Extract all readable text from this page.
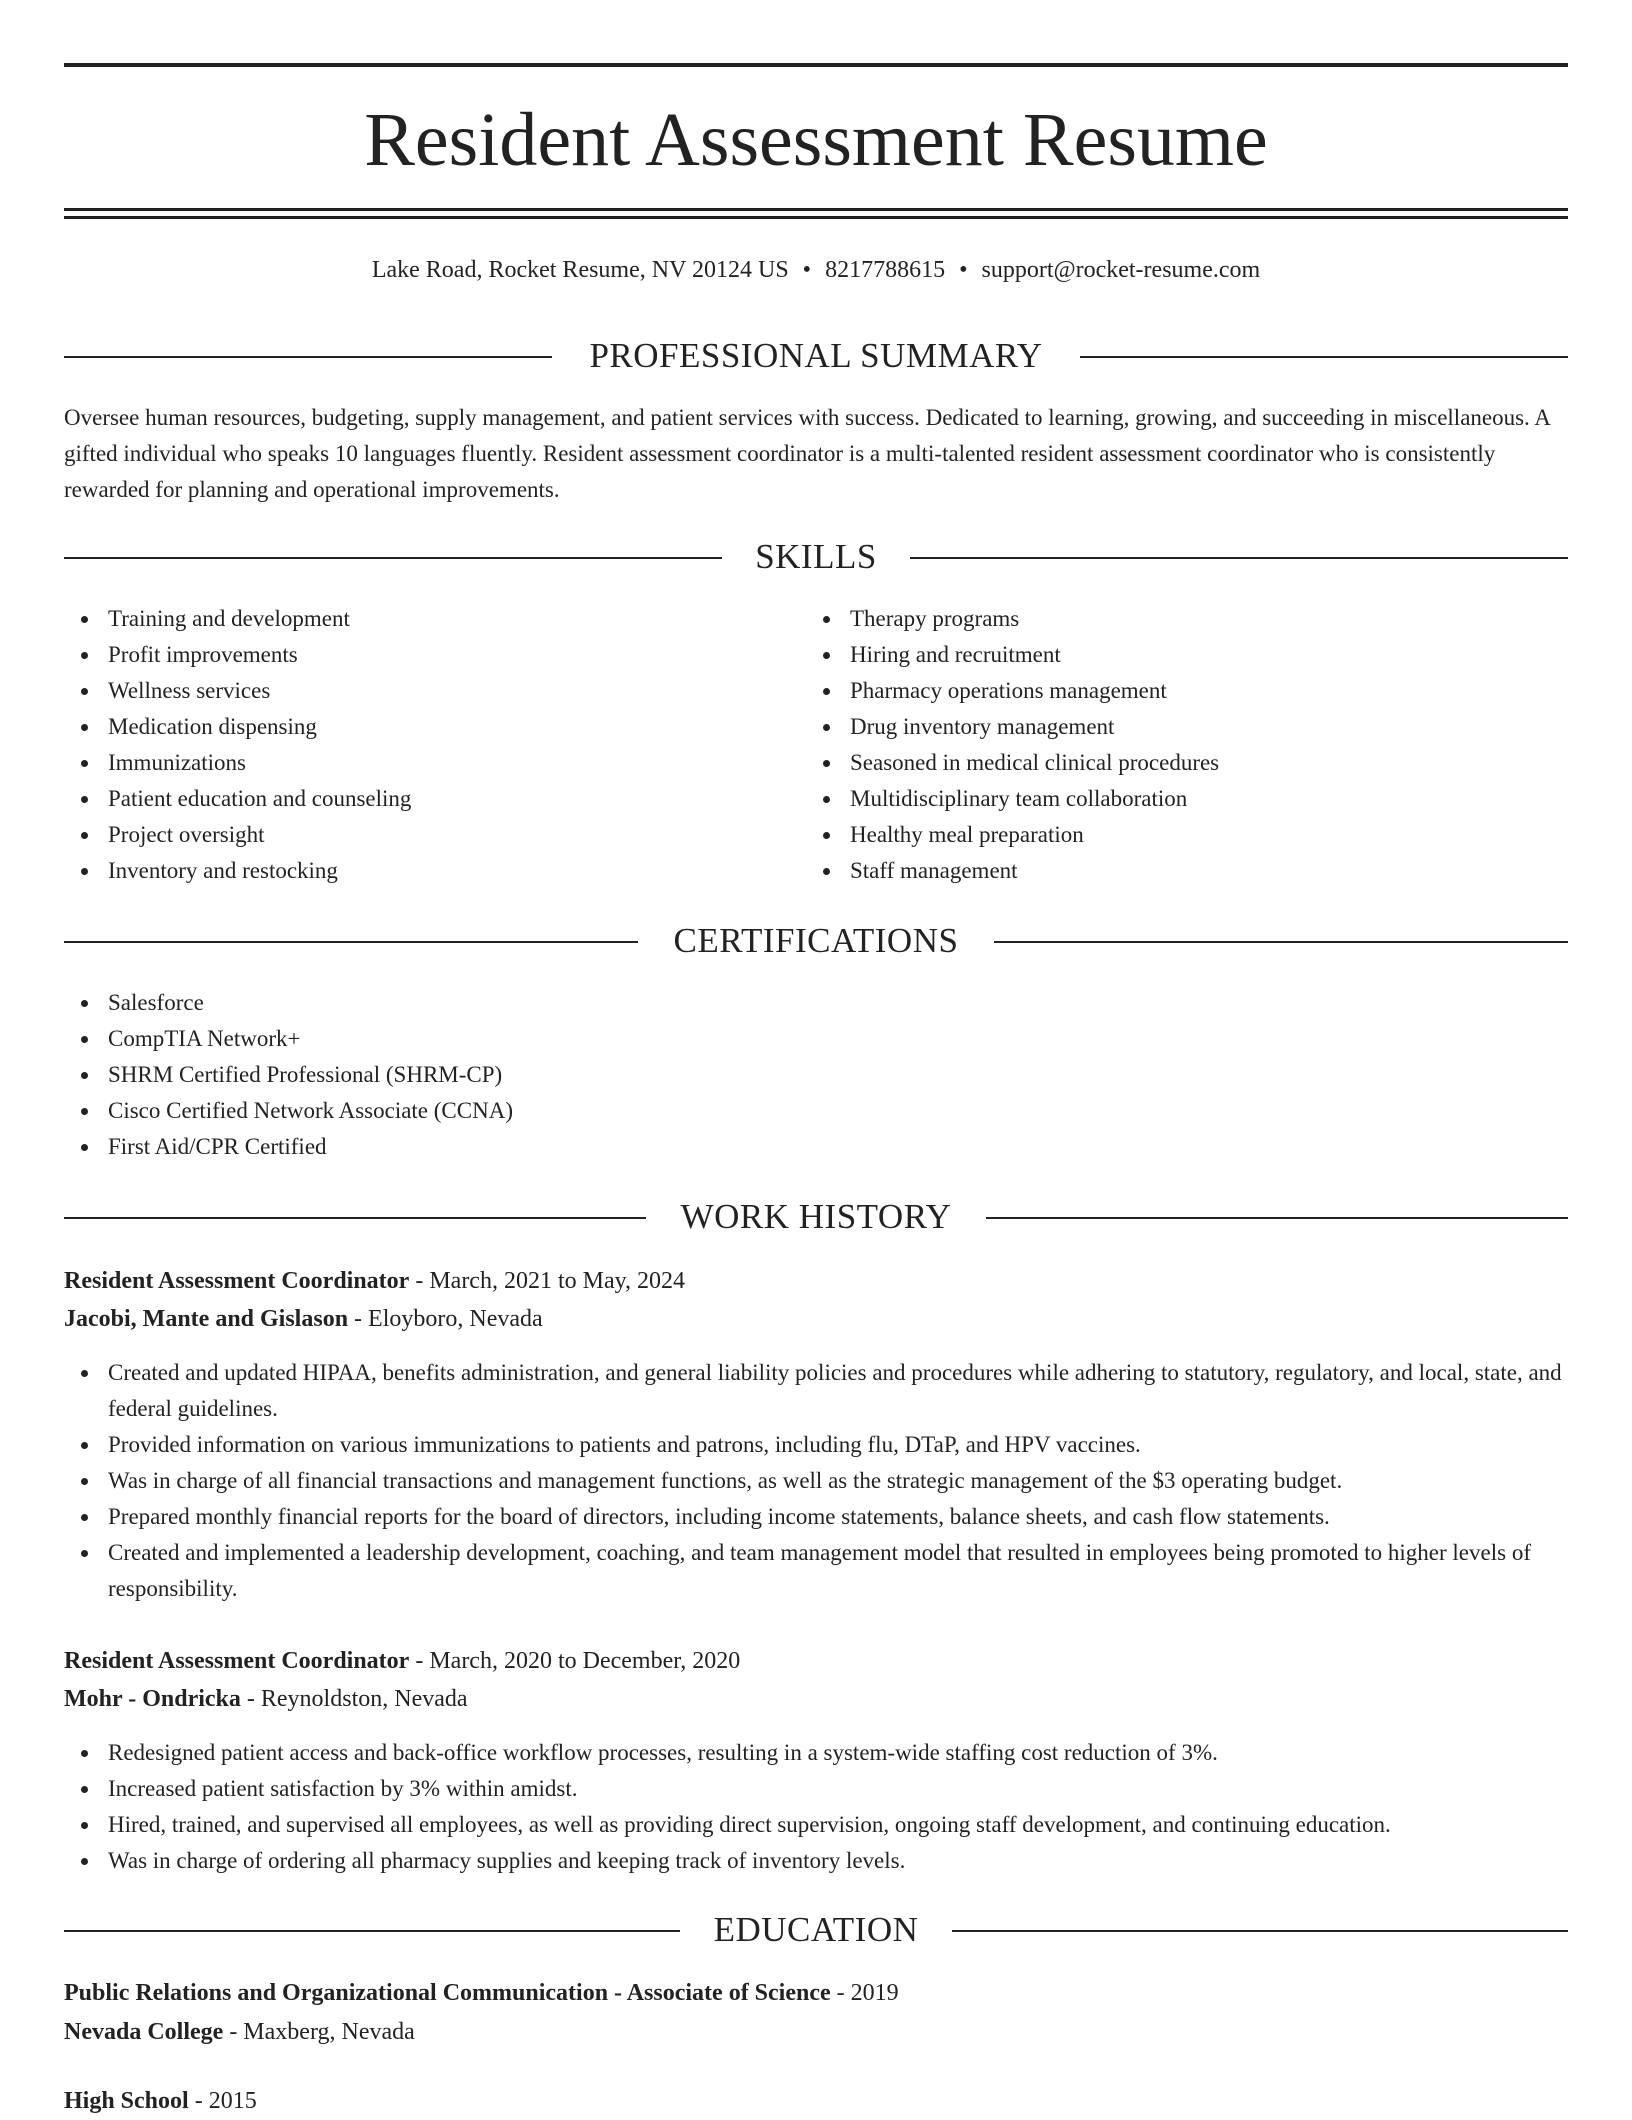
Resident Assessment Resume
Lake Road, Rocket Resume, NV 20124 US • 8217788615 • support@rocket-resume.com
PROFESSIONAL SUMMARY
Oversee human resources, budgeting, supply management, and patient services with success. Dedicated to learning, growing, and succeeding in miscellaneous. A gifted individual who speaks 10 languages fluently. Resident assessment coordinator is a multi-talented resident assessment coordinator who is consistently rewarded for planning and operational improvements.
SKILLS
Training and development
Profit improvements
Wellness services
Medication dispensing
Immunizations
Patient education and counseling
Project oversight
Inventory and restocking
Therapy programs
Hiring and recruitment
Pharmacy operations management
Drug inventory management
Seasoned in medical clinical procedures
Multidisciplinary team collaboration
Healthy meal preparation
Staff management
CERTIFICATIONS
Salesforce
CompTIA Network+
SHRM Certified Professional (SHRM-CP)
Cisco Certified Network Associate (CCNA)
First Aid/CPR Certified
WORK HISTORY
Resident Assessment Coordinator - March, 2021 to May, 2024
Jacobi, Mante and Gislason - Eloyboro, Nevada
Created and updated HIPAA, benefits administration, and general liability policies and procedures while adhering to statutory, regulatory, and local, state, and federal guidelines.
Provided information on various immunizations to patients and patrons, including flu, DTaP, and HPV vaccines.
Was in charge of all financial transactions and management functions, as well as the strategic management of the $3 operating budget.
Prepared monthly financial reports for the board of directors, including income statements, balance sheets, and cash flow statements.
Created and implemented a leadership development, coaching, and team management model that resulted in employees being promoted to higher levels of responsibility.
Resident Assessment Coordinator - March, 2020 to December, 2020
Mohr - Ondricka - Reynoldston, Nevada
Redesigned patient access and back-office workflow processes, resulting in a system-wide staffing cost reduction of 3%.
Increased patient satisfaction by 3% within amidst.
Hired, trained, and supervised all employees, as well as providing direct supervision, ongoing staff development, and continuing education.
Was in charge of ordering all pharmacy supplies and keeping track of inventory levels.
EDUCATION
Public Relations and Organizational Communication - Associate of Science - 2019
Nevada College - Maxberg, Nevada
High School - 2015
